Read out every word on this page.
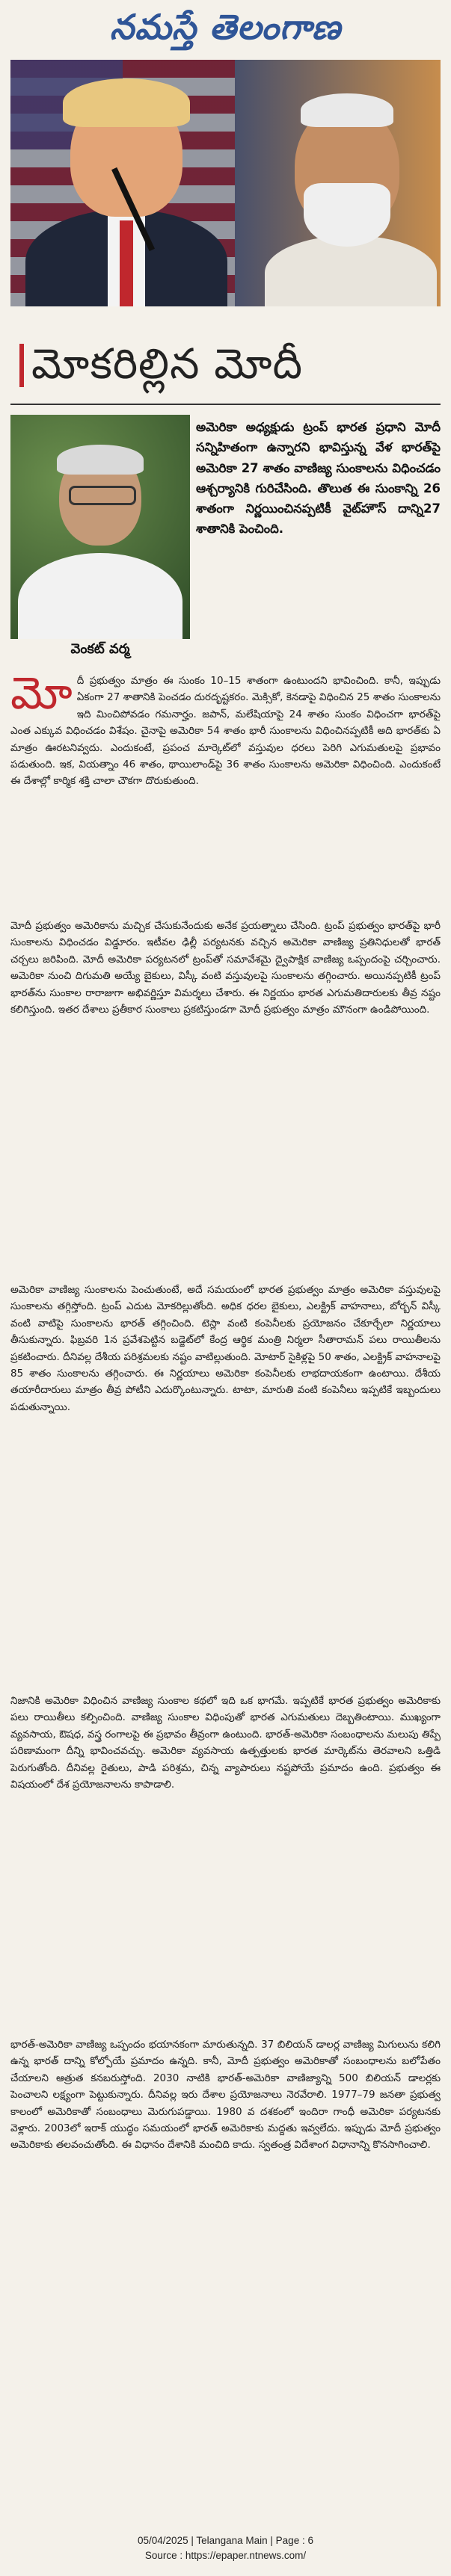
నమస్తే తెలంగాణ
మోకరిల్లిన మోదీ
వెంకట్ వర్మ
అమెరికా అధ్యక్షుడు ట్రంప్ భారత ప్రధాని మోదీ సన్నిహితంగా ఉన్నారని భావిస్తున్న వేళ భారత్‌పై అమెరికా 27 శాతం వాణిజ్య సుంకాలను విధించడం ఆశ్చర్యానికి గురిచేసింది. తొలుత ఈ సుంకాన్ని 26 శాతంగా నిర్ణయించినప్పటికీ వైట్‌హౌస్ దాన్ని27 శాతానికి పెంచింది.
మో దీ ప్రభుత్వం మాత్రం ఈ సుంకం 10–15 శాతంగా ఉంటుందని భావించింది. కానీ, ఇప్పుడు ఏకంగా 27 శాతానికి పెంచడం దురదృష్టకరం. మెక్సికో, కెనడాపై విధించిన 25 శాతం సుంకాలను ఇది మించిపోవడం గమనార్హం. జపాన్, మలేషియాపై 24 శాతం సుంకం విధించగా భారత్‌పై ఎంత ఎక్కువ విధించడం విశేషం. చైనాపై అమెరికా 54 శాతం భారీ సుంకాలను విధించినప్పటికీ అది భారత్‌కు ఏ మాత్రం ఊరటనివ్వదు. ఎందుకంటే, ప్రపంచ మార్కెట్‌లో వస్తువుల ధరలు పెరిగి ఎగుమతులపై ప్రభావం పడుతుంది. ఇక, వియత్నాం 46 శాతం, థాయిలాండ్‌పై 36 శాతం సుంకాలను అమెరికా విధించింది. ఎందుకంటే ఈ దేశాల్లో కార్మిక శక్తి చాలా చౌకగా దొరుకుతుంది.
మోదీ ప్రభుత్వం అమెరికాను మచ్చిక చేసుకునేందుకు అనేక ప్రయత్నాలు చేసింది. ట్రంప్ ప్రభుత్వం భారత్‌పై భారీ సుంకాలను విధించడం విడ్డూరం. ఇటీవల ఢిల్లీ పర్యటనకు వచ్చిన అమెరికా వాణిజ్య ప్రతినిధులతో భారత్ చర్చలు జరిపింది. మోదీ అమెరికా పర్యటనలో ట్రంప్‌తో సమావేశమై ద్వైపాక్షిక వాణిజ్య ఒప్పందంపై చర్చించారు. అమెరికా నుంచి దిగుమతి అయ్యే బైకులు, విస్కీ వంటి వస్తువులపై సుంకాలను తగ్గించారు. అయినప్పటికీ ట్రంప్ భారత్‌ను సుంకాల రారాజుగా అభివర్ణిస్తూ విమర్శలు చేశారు. ఈ నిర్ణయం భారత ఎగుమతిదారులకు తీవ్ర నష్టం కలిగిస్తుంది. ఇతర దేశాలు ప్రతీకార సుంకాలు ప్రకటిస్తుండగా మోదీ ప్రభుత్వం మాత్రం మౌనంగా ఉండిపోయింది.
అమెరికా వాణిజ్య సుంకాలను పెంచుతుంటే, అదే సమయంలో భారత ప్రభుత్వం మాత్రం అమెరికా వస్తువులపై సుంకాలను తగ్గిస్తోంది. ట్రంప్ ఎదుట మోకరిల్లుతోంది. అధిక ధరల బైకులు, ఎలక్ట్రిక్ వాహనాలు, బోర్బన్ విస్కీ వంటి వాటిపై సుంకాలను భారత్ తగ్గించింది. టెస్లా వంటి కంపెనీలకు ప్రయోజనం చేకూర్చేలా నిర్ణయాలు తీసుకున్నారు. ఫిబ్రవరి 1న ప్రవేశపెట్టిన బడ్జెట్‌లో కేంద్ర ఆర్థిక మంత్రి నిర్మలా సీతారామన్ పలు రాయితీలను ప్రకటించారు. దీనివల్ల దేశీయ పరిశ్రమలకు నష్టం వాటిల్లుతుంది. మోటార్ సైకిళ్లపై 50 శాతం, ఎలక్ట్రిక్ వాహనాలపై 85 శాతం సుంకాలను తగ్గించారు. ఈ నిర్ణయాలు అమెరికా కంపెనీలకు లాభదాయకంగా ఉంటాయి. దేశీయ తయారీదారులు మాత్రం తీవ్ర పోటీని ఎదుర్కొంటున్నారు. టాటా, మారుతి వంటి కంపెనీలు ఇప్పటికే ఇబ్బందులు పడుతున్నాయి.
నిజానికి అమెరికా విధించిన వాణిజ్య సుంకాల కథలో ఇది ఒక భాగమే. ఇప్పటికే భారత ప్రభుత్వం అమెరికాకు పలు రాయితీలు కల్పించింది. వాణిజ్య సుంకాల విధింపుతో భారత ఎగుమతులు దెబ్బతింటాయి. ముఖ్యంగా వ్యవసాయ, ఔషధ, వస్త్ర రంగాలపై ఈ ప్రభావం తీవ్రంగా ఉంటుంది. భారత్-అమెరికా సంబంధాలను మలుపు తిప్పే పరిణామంగా దీన్ని భావించవచ్చు. అమెరికా వ్యవసాయ ఉత్పత్తులకు భారత మార్కెట్‌ను తెరవాలని ఒత్తిడి పెరుగుతోంది. దీనివల్ల రైతులు, పాడి పరిశ్రమ, చిన్న వ్యాపారులు నష్టపోయే ప్రమాదం ఉంది. ప్రభుత్వం ఈ విషయంలో దేశ ప్రయోజనాలను కాపాడాలి.
భారత్-అమెరికా వాణిజ్య ఒప్పందం భయానకంగా మారుతున్నది. 37 బిలియన్ డాలర్ల వాణిజ్య మిగులును కలిగి ఉన్న భారత్ దాన్ని కోల్పోయే ప్రమాదం ఉన్నది. కానీ, మోదీ ప్రభుత్వం అమెరికాతో సంబంధాలను బలోపేతం చేయాలని ఆత్రుత కనబరుస్తోంది. 2030 నాటికి భారత్-అమెరికా వాణిజ్యాన్ని 500 బిలియన్ డాలర్లకు పెంచాలని లక్ష్యంగా పెట్టుకున్నారు. దీనివల్ల ఇరు దేశాల ప్రయోజనాలు నెరవేరాలి. 1977–79 జనతా ప్రభుత్వ కాలంలో అమెరికాతో సంబంధాలు మెరుగుపడ్డాయి. 1980 వ దశకంలో ఇందిరా గాంధీ అమెరికా పర్యటనకు వెళ్లారు. 2003లో ఇరాక్ యుద్ధం సమయంలో భారత్ అమెరికాకు మద్దతు ఇవ్వలేదు. ఇప్పుడు మోదీ ప్రభుత్వం అమెరికాకు తలవంచుతోంది. ఈ విధానం దేశానికి మంచిది కాదు. స్వతంత్ర విదేశాంగ విధానాన్ని కొనసాగించాలి.
05/04/2025 | Telangana Main | Page : 6
Source : https://epaper.ntnews.com/
